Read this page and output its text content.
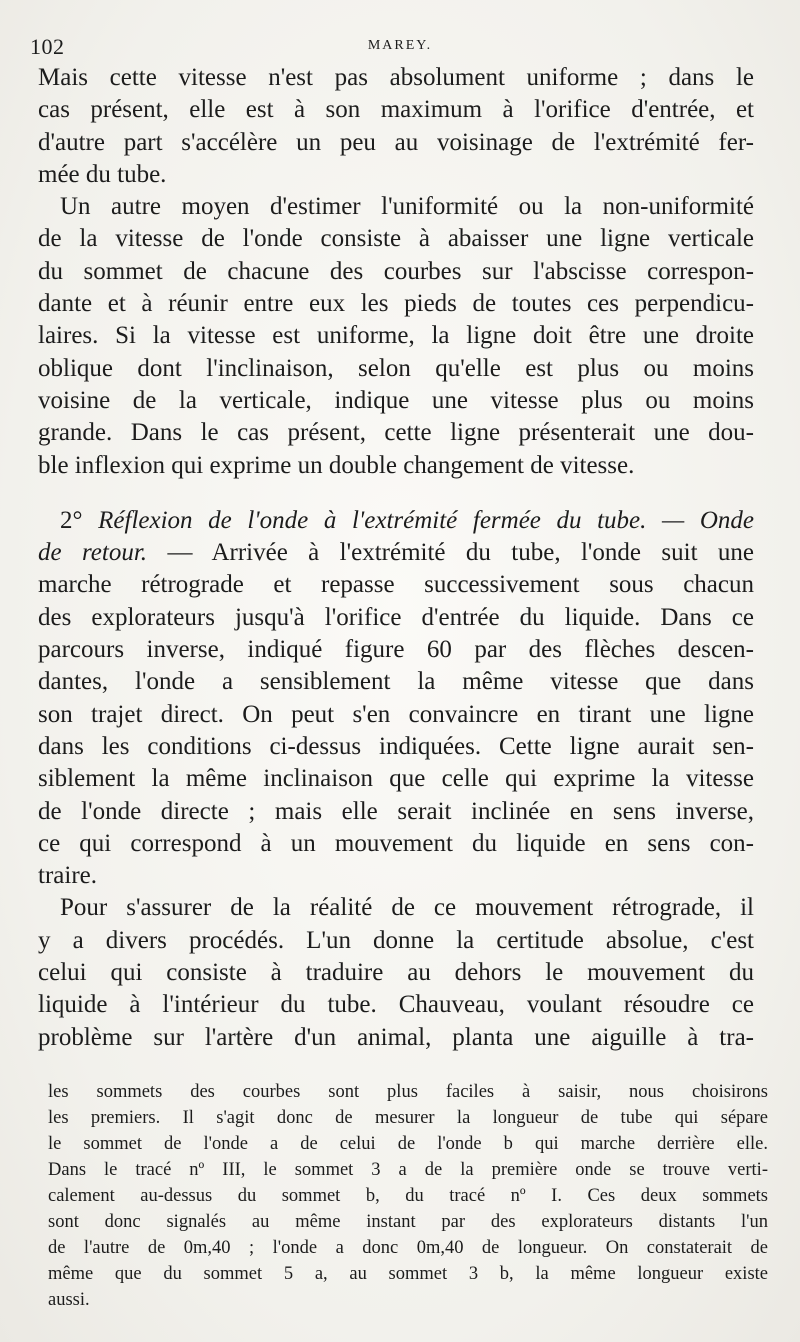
102	MAREY.
Mais cette vitesse n'est pas absolument uniforme ; dans le
cas présent, elle est à son maximum à l'orifice d'entrée, et
d'autre part s'accélère un peu au voisinage de l'extrémité fer-
mée du tube.
Un autre moyen d'estimer l'uniformité ou la non-uniformité
de la vitesse de l'onde consiste à abaisser une ligne verticale
du sommet de chacune des courbes sur l'abscisse correspon-
dante et à réunir entre eux les pieds de toutes ces perpendicu-
laires. Si la vitesse est uniforme, la ligne doit être une droite
oblique dont l'inclinaison, selon qu'elle est plus ou moins
voisine de la verticale, indique une vitesse plus ou moins
grande. Dans le cas présent, cette ligne présenterait une dou-
ble inflexion qui exprime un double changement de vitesse.
2° Réflexion de l'onde à l'extrémité fermée du tube. — Onde
de retour. — Arrivée à l'extrémité du tube, l'onde suit une
marche rétrograde et repasse successivement sous chacun
des explorateurs jusqu'à l'orifice d'entrée du liquide. Dans ce
parcours inverse, indiqué figure 60 par des flèches descen-
dantes, l'onde a sensiblement la même vitesse que dans
son trajet direct. On peut s'en convaincre en tirant une ligne
dans les conditions ci-dessus indiquées. Cette ligne aurait sen-
siblement la même inclinaison que celle qui exprime la vitesse
de l'onde directe ; mais elle serait inclinée en sens inverse,
ce qui correspond à un mouvement du liquide en sens con-
traire.
Pour s'assurer de la réalité de ce mouvement rétrograde, il
y a divers procédés. L'un donne la certitude absolue, c'est
celui qui consiste à traduire au dehors le mouvement du
liquide à l'intérieur du tube. Chauveau, voulant résoudre ce
problème sur l'artère d'un animal, planta une aiguille à tra-
les sommets des courbes sont plus faciles à saisir, nous choisirons
les premiers. Il s'agit donc de mesurer la longueur de tube qui sépare
le sommet de l'onde a de celui de l'onde b qui marche derrière elle.
Dans le tracé nº III, le sommet 3 a de la première onde se trouve verti-
calement au-dessus du sommet b, du tracé nº I. Ces deux sommets
sont donc signalés au même instant par des explorateurs distants l'un
de l'autre de 0m,40 ; l'onde a donc 0m,40 de longueur. On constaterait de
même que du sommet 5 a, au sommet 3 b, la même longueur existe
aussi.
